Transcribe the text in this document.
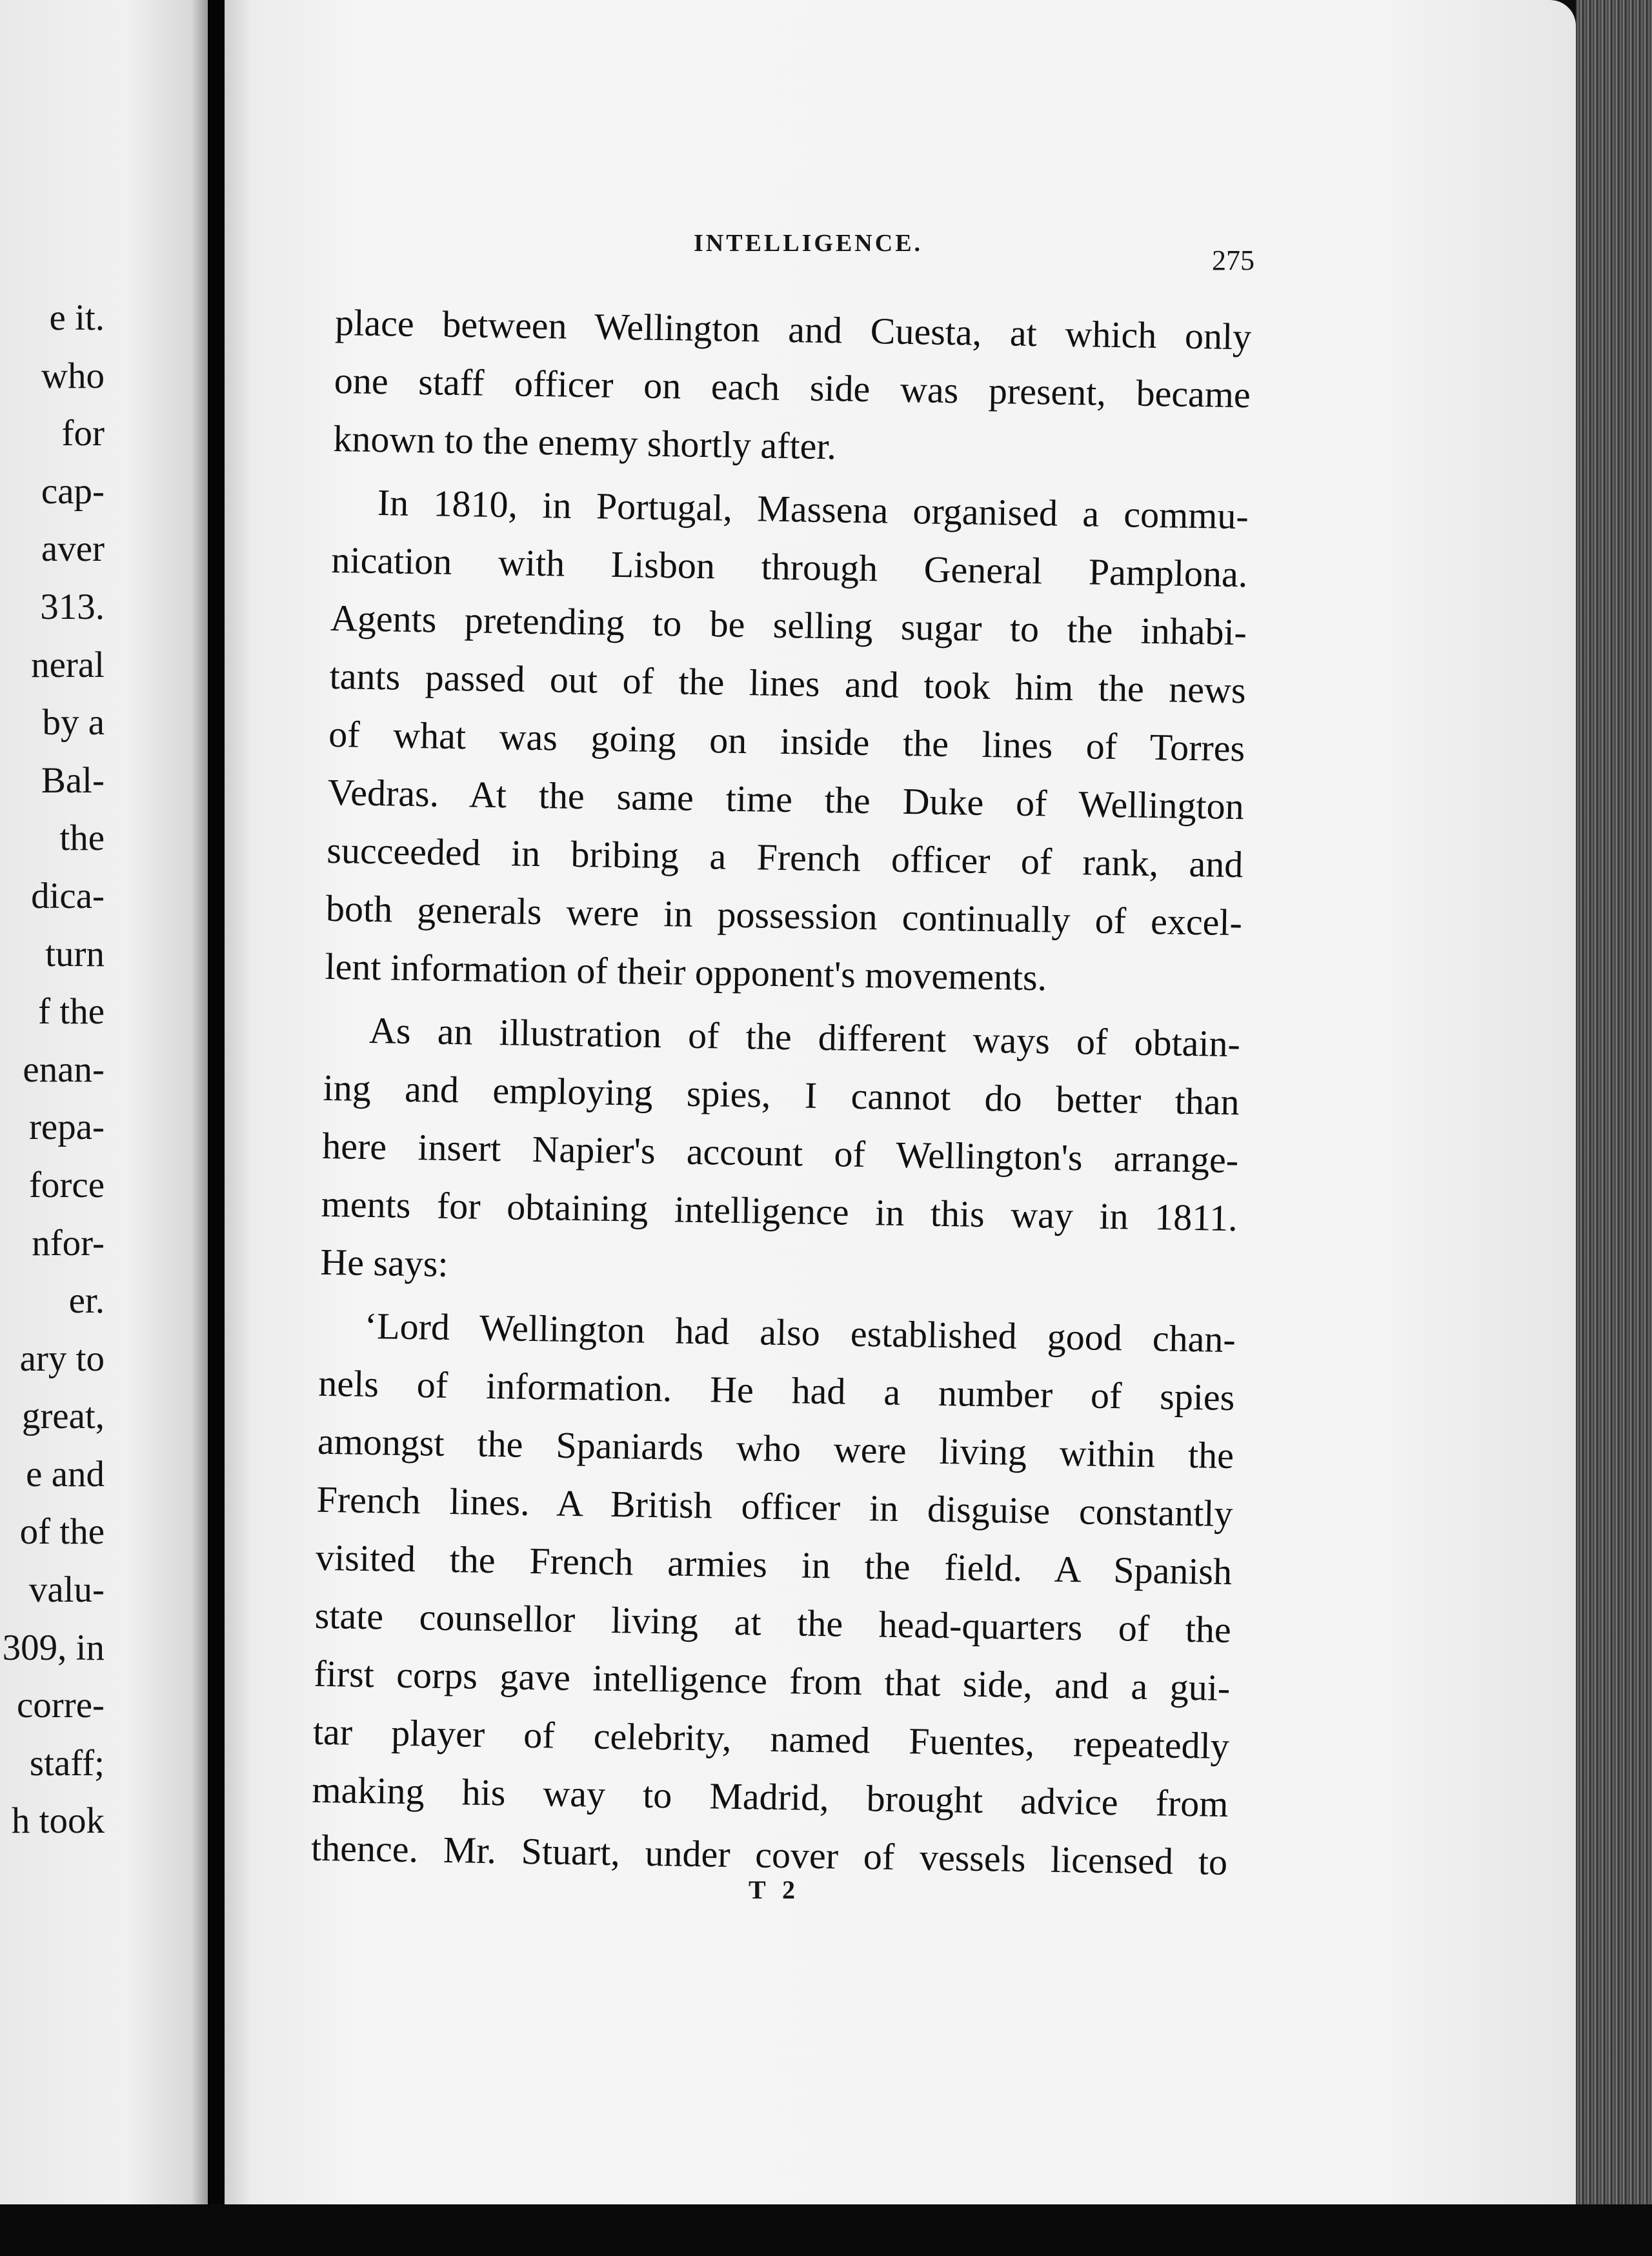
e it.
who
for
cap-
aver
313.
neral
by a
Bal-
the
dica-
turn
f the
enan-
repa-
force
nfor-
er.
ary to
great,
e and
of the
valu-
309, in
corre-
staff;
h took
INTELLIGENCE.
275
place between Wellington and Cuesta, at which only
one staff officer on each side was present, became
known to the enemy shortly after.
In 1810, in Portugal, Massena organised a commu-
nication with Lisbon through General Pamplona.
Agents pretending to be selling sugar to the inhabi-
tants passed out of the lines and took him the news
of what was going on inside the lines of Torres
Vedras. At the same time the Duke of Wellington
succeeded in bribing a French officer of rank, and
both generals were in possession continually of excel-
lent information of their opponent's movements.
As an illustration of the different ways of obtain-
ing and employing spies, I cannot do better than
here insert Napier's account of Wellington's arrange-
ments for obtaining intelligence in this way in 1811.
He says:
‘Lord Wellington had also established good chan-
nels of information. He had a number of spies
amongst the Spaniards who were living within the
French lines. A British officer in disguise constantly
visited the French armies in the field. A Spanish
state counsellor living at the head-quarters of the
first corps gave intelligence from that side, and a gui-
tar player of celebrity, named Fuentes, repeatedly
making his way to Madrid, brought advice from
thence. Mr. Stuart, under cover of vessels licensed to
T 2
